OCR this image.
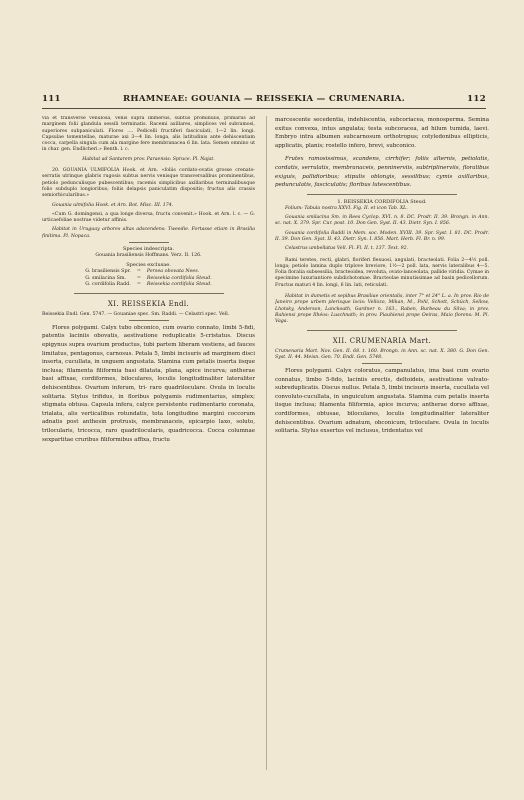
111	RHAMNEAE: GOUANIA — REISSEKIA — CRUMENARIA.	112

via et transverse venulosa, venis supra immersis, subtus prominulis, primariis ad marginem folii glandula sessili terminatis. Racemi axillares, simplices vel subramosi, superiores subpaniculati. Flores .... Pedicelli fructiferi fasciculati, 1—2 lin. longi. Capsulae tomentellae, maturae axi 3—4 lin. longa, alis latitudinis ante dehiscentiam cocca, carpella singula cum ala margine fere membranacea 6 lin. lata. Semen omnino ut in char. gen. Endlicheri.» Benth. l. c.

Habitat ad Santarem prov. Paraensis: Spruce. Pl. Najat.

20. GOUANIA ULMIFOLIA Hook. et Arn. «foliis cordato-ovatis grosse crenato-serratis utrinque glabris rugosis subtus nervis venisque transversalibus prominentibus, petiolo pedunculisque pubescentibus; racemis simplicibus axillaribus terminalibusque folio subduplo longioribus; foliis delapsis paniculatim dispositis; fructus alis crassis semiorbicularibus.»

Gouania ulmifolia Hook. et Arn. Bot. Misc. III. 174.

«Cum G. domingensi, a qua longe diversa, fructu convenit.» Hook. et Arn. l. c. — G. urticaefoliae nostrae videtur affinis.

Habitat in Uruguay arbores altas adscendens: Tweedie. Fortasse etiam in Brasilia finitima. Pl. Nopaca.

Species indescripta.

Gouania brasiliensis Hoffmans. Verz. II. 126.

Species exclusae.

G. brasiliensis Spr.	=	Persea obovata Nees.
G. smilacina Sm.	=	Reissekia cordifolia Steud.
G. cordifolia Radd.	=	Reissekia cordifolia Steud.

XI. REISSEKIA Endl.

Reissekia Endl. Gen. 5747. — Gouaniae spec. Sm. Raddi. — Celastri spec. Vell.

Flores polygami. Calyx tubo obconico, cum ovario connato, limbi 5-fidi, patentis laciniis obovatis, aestivatione reduplicatis 5-cristatus. Discus epigynus supra ovarium productus, tubi partem liberam vestiens, ad fauces limitatus, pentagonus, carnosus. Petala 5, limbi incisuris ad marginem disci inserta, cucullata, in unguem angustata. Stamina cum petalis inserta iisque inclusa; filamenta filiformia basi dilatata, plana, apice incurva; antherae basi affixae, cordiformes, biloculares, loculis longitudinaliter lateraliter dehiscentibus. Ovarium inferum, tri- raro quadriloculare. Ovula in loculis solitaria. Stylus trifidus, in floribus polygamis rudimentarius, simplex; stigmata obtusa. Capsula infera, calyce persistente rudimentario coronata, trialata, alis verticalibus rotundatis, tota longitudine margini coccorum adnatis post anthesin protrusis, membranaceis, epicarpio laxo, soluto, trilocularis, tricocca, raro quadrilocularis, quadricocca. Cocca columnae sexpartitae cruribus filiformibus affixa, fructu

marcescente secedentia, indehiscentia, subcoriacea, monosperma. Semina exitus convexa, intus angulata; testa subcoracea, ad hilum tumida, laevi. Embryo intra albumen subcarnosum orthotropus; cotyledonibus ellipticis, applicatis, planis; rostello infero, brevi, subconico.

Frutex ramosissimus, scandens, cirrhifer; foliis alternis, petiolatis, cordatis, serrulatis, membranaceis, penninerviis, subtriplinerviis, floralibus exiguis, pallidioribus; stipulis oblongis, sessilibus; cymis axillaribus, pedunculatis, fasciculatis; floribus lutescentibus.

1. REISSEKIA CORDIFOLIA Steud.

Folium: Tabula nostra XXVI. Fig. II. et icon Tab. XL.

Gouania smilacina Sm. in Rees Cyclop. XVI. n. 8. DC. Prodr. II. 39. Brongn. in Ann. sc. nat. X. 379. Spr. Cur. post. 10. Don Gen. Syst. II. 43. Dietr. Syn. I. 856.

Gouania cordifolia Raddi in Mem. soc. Moden. XVIII. 39. Spr. Syst. I. 81. DC. Prodr. II. 39. Don Gen. Syst. II. 43. Dietr. Syn. I. 856. Mart. Herb. Fl. Br. n. 99.

Celastrus umbellatus Vell. Fl. Fl. II. t. 137. Text. 92.

Rami teretes, recti, glabri, floriferi flexuosi, angulati, bracteolati. Folia 2—4½ poll. longa; petiolo lamina duplo triplove breviore, 1½—2 poll. lata, nervis lateralibus 4—5. Folia floralia subsessilia, bracteoidea, revoluta, ovato-lanceolata, pallide viridia. Cymae in specimine luxuriantiore subdichotomae. Bracteolae minutissimae ad basin pedicellorum. Fructus maturi 4 lin. longi, 6 lin. lati, reticulati.

Habitat in dumetis et sepibus Brasiliae orientalis, inter 7° et 24° L. a. In prov. Rio de Janeiro prope urbem plerisque locis: Vellozo, Mikan, M., Pohl, Schott, Schüch, Sellow, Lhotsky, Anderson, Lanckoath, Gardner n. 163., Raben, Burbeau du Silva; in prov. Bahiensi prope Ilhéos: Luschnath; in prov. Piauhiensi prope Oeiras, Maio florens: M. Pl. Vaga.

XII. CRUMENARIA Mart.

Crumenaria Mart. Nov. Gen. II. 68. t. 160. Brongn. in Ann. sc. nat. X. 380. G. Don Gen. Syst. II. 44. Meisn. Gen. 70. Endl. Gen. 5748.

Flores polygami. Calyx coloratus, campanulatus, ima basi cum ovario connatus, limbo 5-fido, laciniis erectis, deltoideis, aestivatione valvato-subreduplicatis. Discus nullus. Petala 5, limbi incisuris inserta, cucullata vel convoluto-cucullata, in unguiculum angustata. Stamina cum petalis inserta iisque inclusa; filamenta filiformia, apice incurva; antherae dorso affixae, cordiformes, obtusae, biloculares, loculis longitudinaliter lateraliter dehiscentibus. Ovarium adnatum, obconicum, triloculare. Ovula in loculis solitaria. Stylus exsertus vel inclusus, tridentatus vel
